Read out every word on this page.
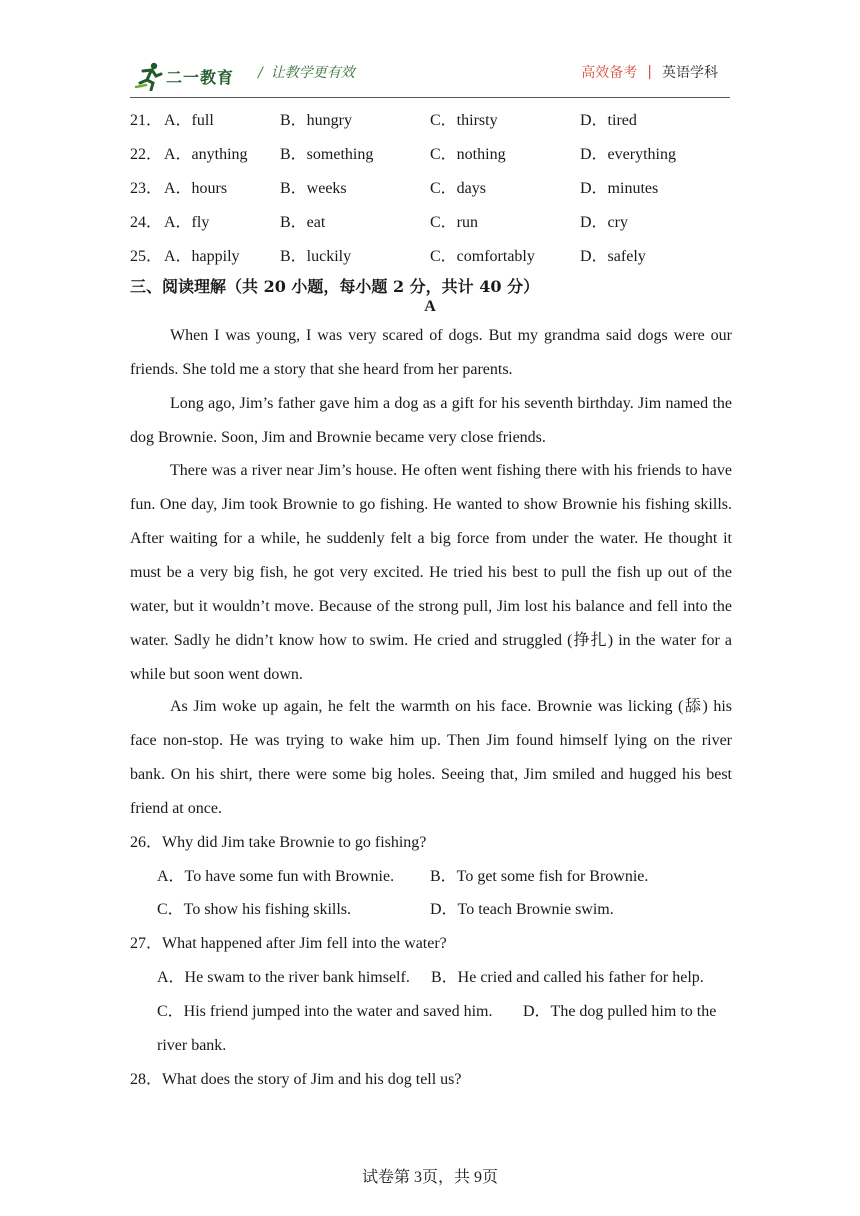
二一教育 / 让教学更有效	高效备考 | 英语学科
21． A．full	B．hungry	C．thirsty	D．tired
22． A．anything B．something	C．nothing	D．everything
23． A．hours	B．weeks	C．days	D．minutes
24． A．fly	B．eat	C．run	D．cry
25． A．happily	B．luckily	C．comfortably	D．safely
三、阅读理解（共 20 小题，每小题 2 分，共计 40 分）
A

When I was young, I was very scared of dogs. But my grandma said dogs were our friends. She told me a story that she heard from her parents.

Long ago, Jim’s father gave him a dog as a gift for his seventh birthday. Jim named the dog Brownie. Soon, Jim and Brownie became very close friends.

There was a river near Jim’s house. He often went fishing there with his friends to have fun. One day, Jim took Brownie to go fishing. He wanted to show Brownie his fishing skills. After waiting for a while, he suddenly felt a big force from under the water. He thought it must be a very big fish, he got very excited. He tried his best to pull the fish up out of the water, but it wouldn’t move. Because of the strong pull, Jim lost his balance and fell into the water. Sadly he didn’t know how to swim. He cried and struggled (挣扎) in the water for a while but soon went down.

As Jim woke up again, he felt the warmth on his face. Brownie was licking (舔) his face non-stop. He was trying to wake him up. Then Jim found himself lying on the river bank. On his shirt, there were some big holes. Seeing that, Jim smiled and hugged his best friend at once.

26．Why did Jim take Brownie to go fishing?
A．To have some fun with Brownie. B．To get some fish for Brownie.
C．To show his fishing skills.	D．To teach Brownie swim.
27．What happened after Jim fell into the water?
A．He swam to the river bank himself. B．He cried and called his father for help.
C．His friend jumped into the water and saved him. D．The dog pulled him to the
river bank.
28．What does the story of Jim and his dog tell us?
试卷第 3页，共 9页
